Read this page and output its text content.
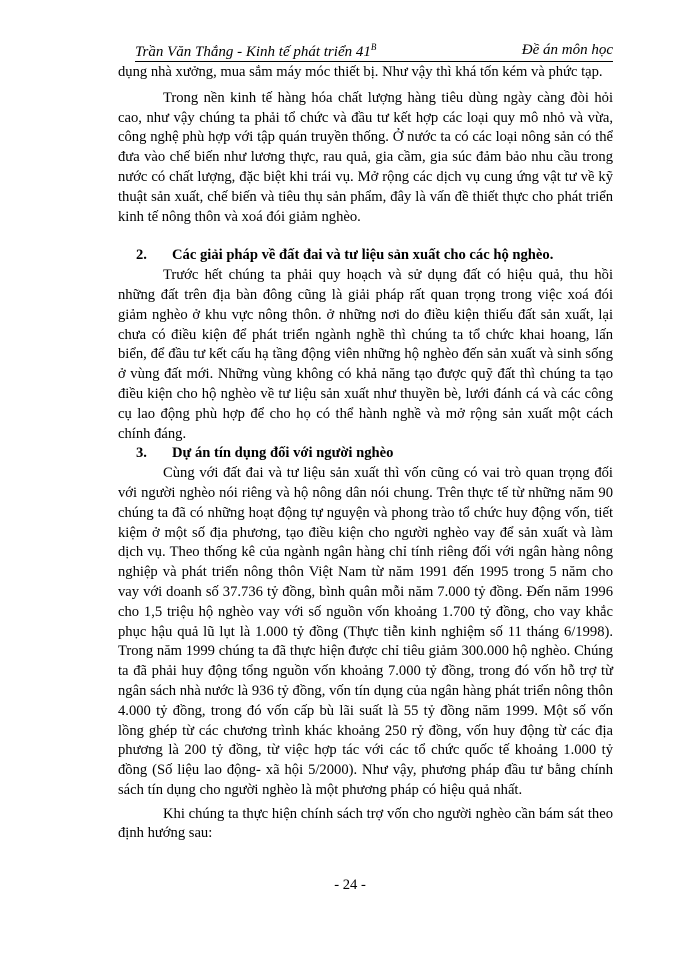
Trần Văn Thắng - Kinh tế phát triển $41^B$	Đề án môn học

dụng nhà xưởng, mua sắm máy móc thiết bị. Như vậy thì khá tốn kém và phức tạp.

Trong nền kinh tế hàng hóa chất lượng hàng tiêu dùng ngày càng đòi hỏi cao, như vậy chúng ta phải tổ chức và đầu tư kết hợp các loại quy mô nhỏ và vừa, công nghệ phù hợp với tập quán truyền thống. Ở nước ta có các loại nông sản có thể đưa vào chế biến như lương thực, rau quả, gia cầm, gia súc đảm bảo nhu cầu trong nước có chất lượng, đặc biệt khi trái vụ. Mở rộng các dịch vụ cung ứng vật tư về kỹ thuật sản xuất, chế biến và tiêu thụ sản phẩm, đây là vấn đề thiết thực cho phát triển kinh tế nông thôn và xoá đói giảm nghèo.

2. Các giải pháp về đất đai và tư liệu sản xuất cho các hộ nghèo.

Trước hết chúng ta phải quy hoạch và sử dụng đất có hiệu quả, thu hồi những đất trên địa bàn đông cũng là giải pháp rất quan trọng trong việc xoá đói giảm nghèo ở khu vực nông thôn. ở những nơi do điều kiện thiếu đất sản xuất, lại chưa có điều kiện để phát triển ngành nghề thì chúng ta tổ chức khai hoang, lấn biển, để đầu tư kết cấu hạ tầng động viên những hộ nghèo đến sản xuất và sinh sống ở vùng đất mới. Những vùng không có khả năng tạo được quỹ đất thì chúng ta tạo điều kiện cho hộ nghèo về tư liệu sản xuất như thuyền bè, lưới đánh cá và các công cụ lao động phù hợp để cho họ có thể hành nghề và mở rộng sản xuất một cách chính đáng.

3. Dự án tín dụng đối với người nghèo

Cùng với đất đai và tư liệu sản xuất thì vốn cũng có vai trò quan trọng đối với người nghèo nói riêng và hộ nông dân nói chung. Trên thực tế từ những năm 90 chúng ta đã có những hoạt động tự nguyện và phong trào tổ chức huy động vốn, tiết kiệm ở một số địa phương, tạo điều kiện cho người nghèo vay để sản xuất và làm dịch vụ. Theo thống kê của ngành ngân hàng chỉ tính riêng đối với ngân hàng nông nghiệp và phát triển nông thôn Việt Nam từ năm 1991 đến 1995 trong 5 năm cho vay với doanh số 37.736 tỷ đồng, bình quân mỗi năm 7.000 tỷ đồng. Đến năm 1996 cho 1,5 triệu hộ nghèo vay với số nguồn vốn khoảng 1.700 tỷ đồng, cho vay khắc phục hậu quả lũ lụt là 1.000 tỷ đồng (Thực tiễn kinh nghiệm số 11 tháng 6/1998). Trong năm 1999 chúng ta đã thực hiện được chỉ tiêu giảm 300.000 hộ nghèo. Chúng ta đã phải huy động tổng nguồn vốn khoảng 7.000 tỷ đồng, trong đó vốn hỗ trợ từ ngân sách nhà nước là 936 tỷ đồng, vốn tín dụng của ngân hàng phát triển nông thôn 4.000 tỷ đồng, trong đó vốn cấp bù lãi suất là 55 tỷ đồng năm 1999. Một số vốn lồng ghép từ các chương trình khác khoảng 250 rỷ đồng, vốn huy động từ các địa phương là 200 tỷ đồng, từ việc hợp tác với các tổ chức quốc tế khoảng 1.000 tỷ đồng (Số liệu lao động- xã hội 5/2000). Như vậy, phương pháp đầu tư bằng chính sách tín dụng cho người nghèo là một phương pháp có hiệu quả nhất.

Khi chúng ta thực hiện chính sách trợ vốn cho người nghèo cần bám sát theo định hướng sau:

- 24 -
